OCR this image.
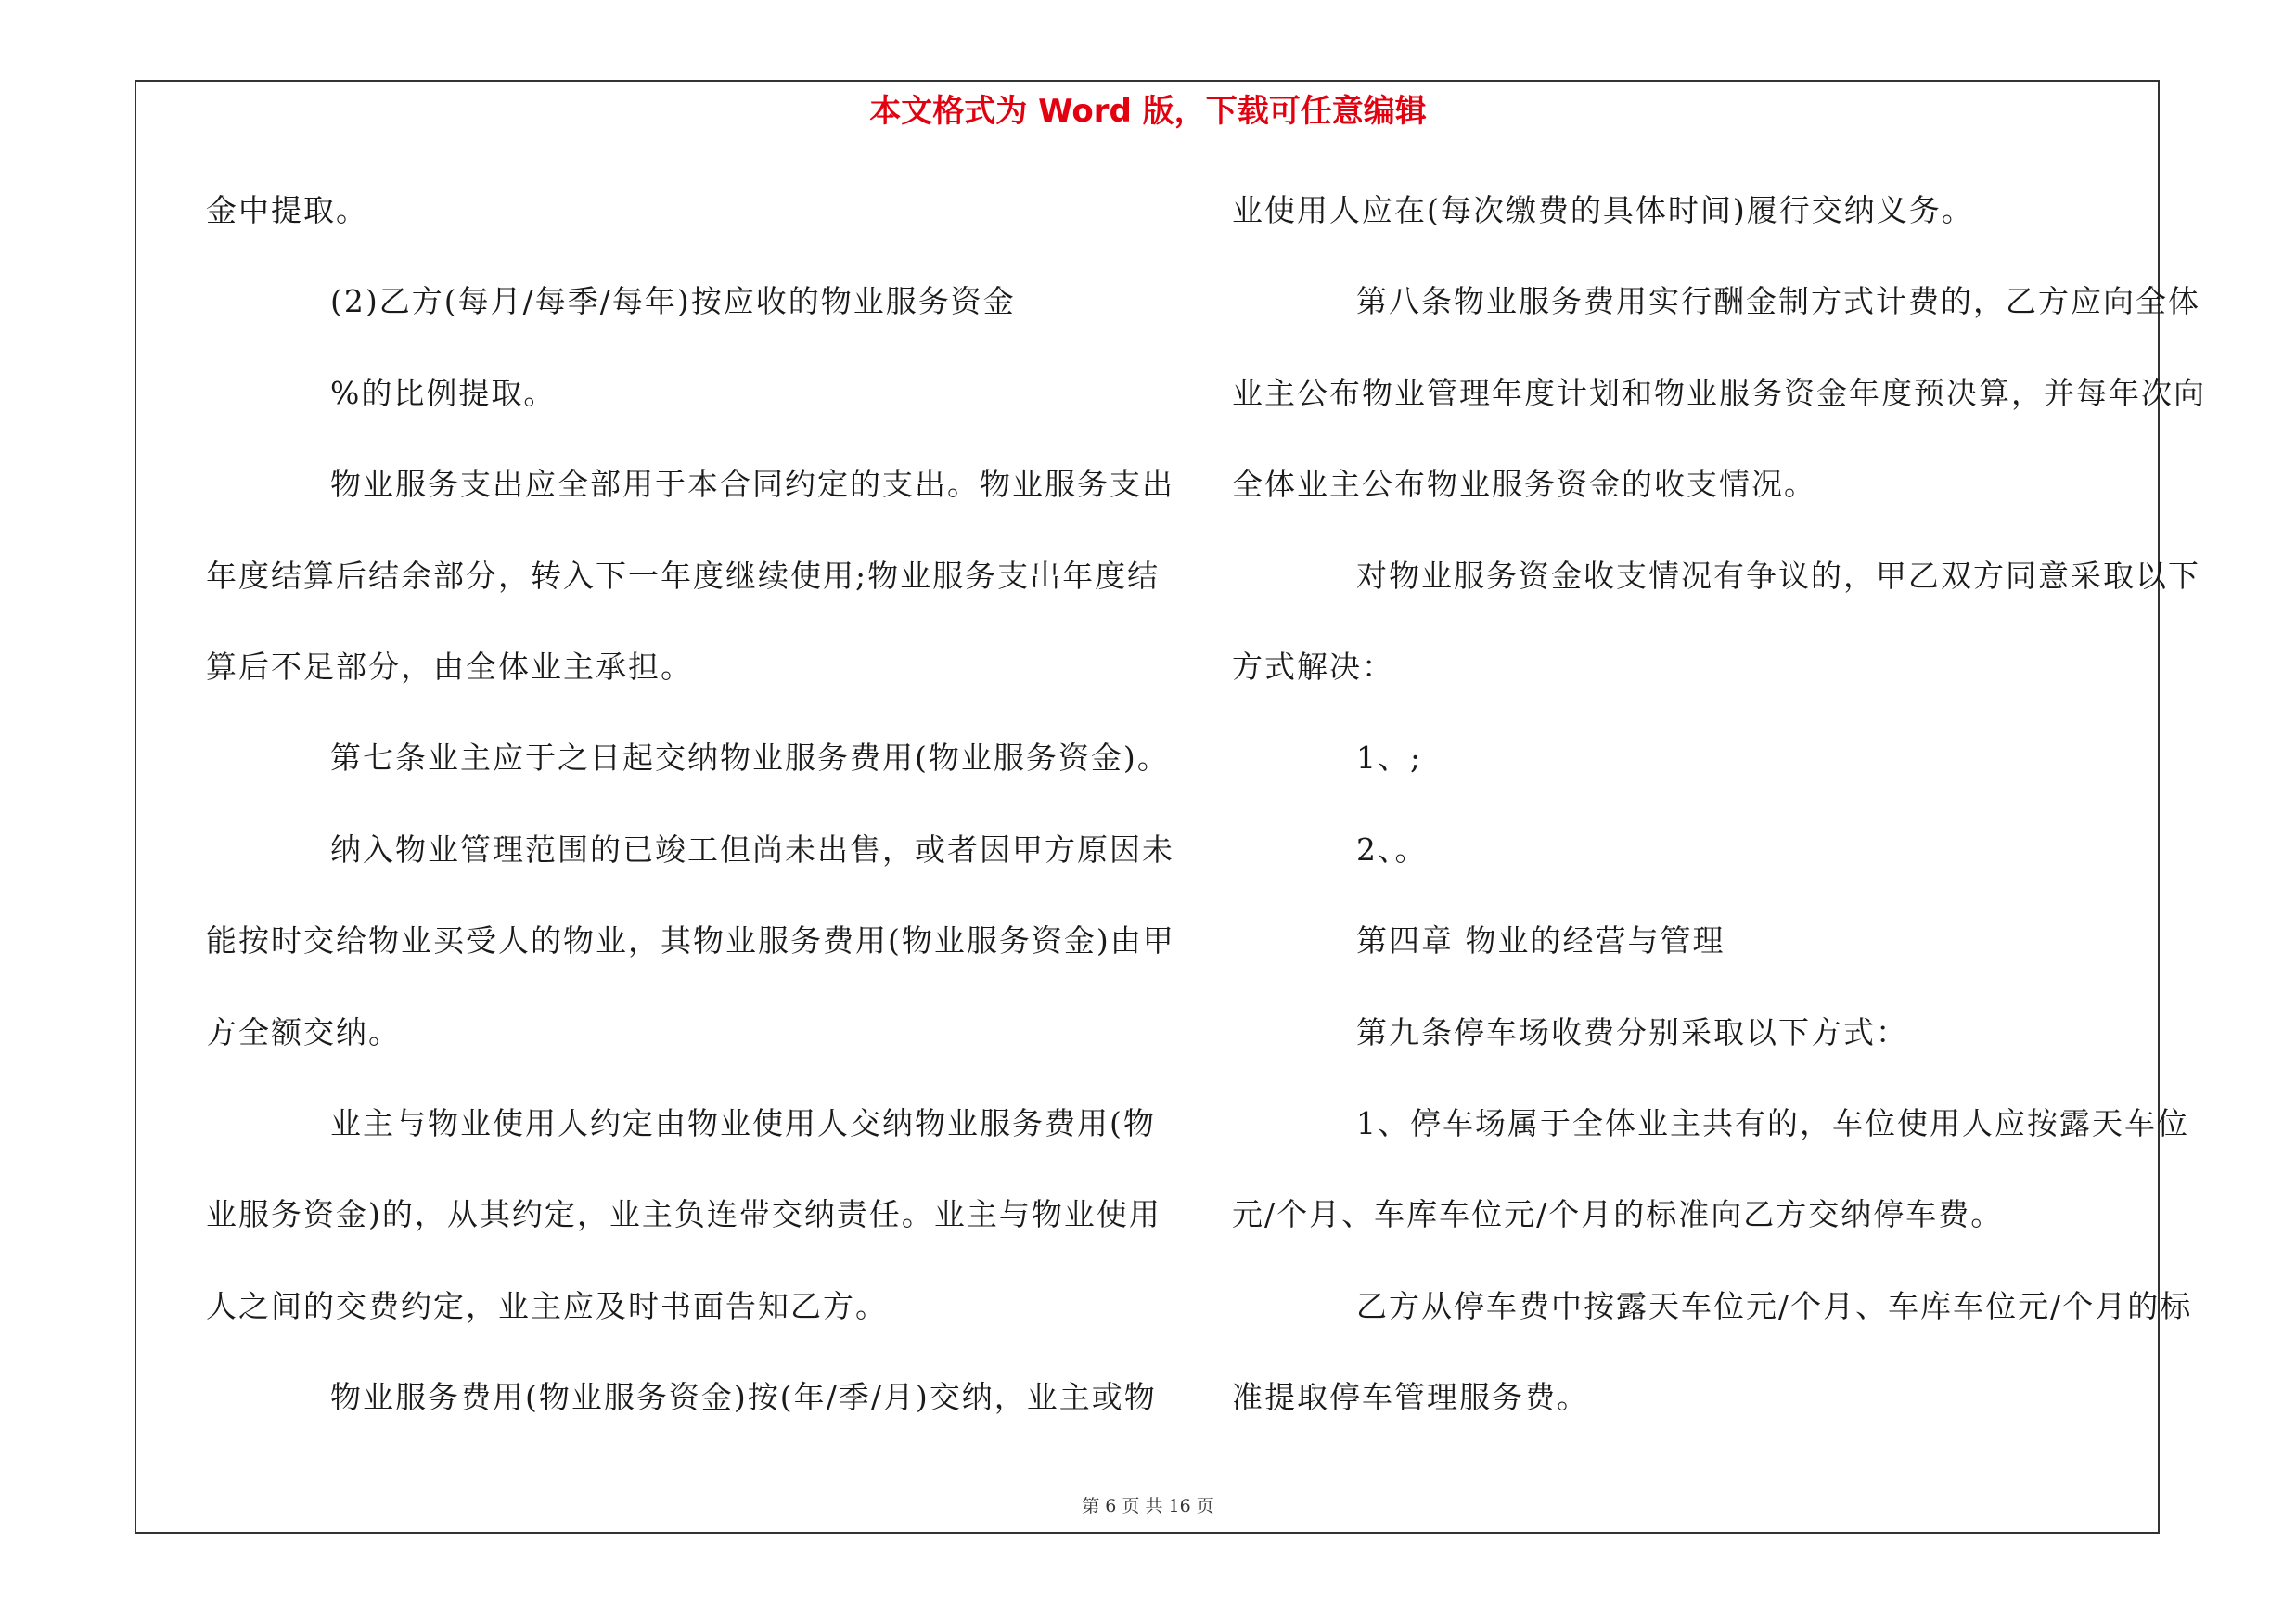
本文格式为 Word 版，下载可任意编辑
金中提取。
(2)乙方(每月/每季/每年)按应收的物业服务资金
%的比例提取。
物业服务支出应全部用于本合同约定的支出。物业服务支出
年度结算后结余部分，转入下一年度继续使用;物业服务支出年度结
算后不足部分，由全体业主承担。
第七条业主应于之日起交纳物业服务费用(物业服务资金)。
纳入物业管理范围的已竣工但尚未出售，或者因甲方原因未
能按时交给物业买受人的物业，其物业服务费用(物业服务资金)由甲
方全额交纳。
业主与物业使用人约定由物业使用人交纳物业服务费用(物
业服务资金)的，从其约定，业主负连带交纳责任。业主与物业使用
人之间的交费约定，业主应及时书面告知乙方。
物业服务费用(物业服务资金)按(年/季/月)交纳，业主或物
业使用人应在(每次缴费的具体时间)履行交纳义务。
第八条物业服务费用实行酬金制方式计费的，乙方应向全体
业主公布物业管理年度计划和物业服务资金年度预决算，并每年次向
全体业主公布物业服务资金的收支情况。
对物业服务资金收支情况有争议的，甲乙双方同意采取以下
方式解决：
1、;
2、。
第四章 物业的经营与管理
第九条停车场收费分别采取以下方式：
1、停车场属于全体业主共有的，车位使用人应按露天车位
元/个月、车库车位元/个月的标准向乙方交纳停车费。
乙方从停车费中按露天车位元/个月、车库车位元/个月的标
准提取停车管理服务费。
第 6 页 共 16 页
